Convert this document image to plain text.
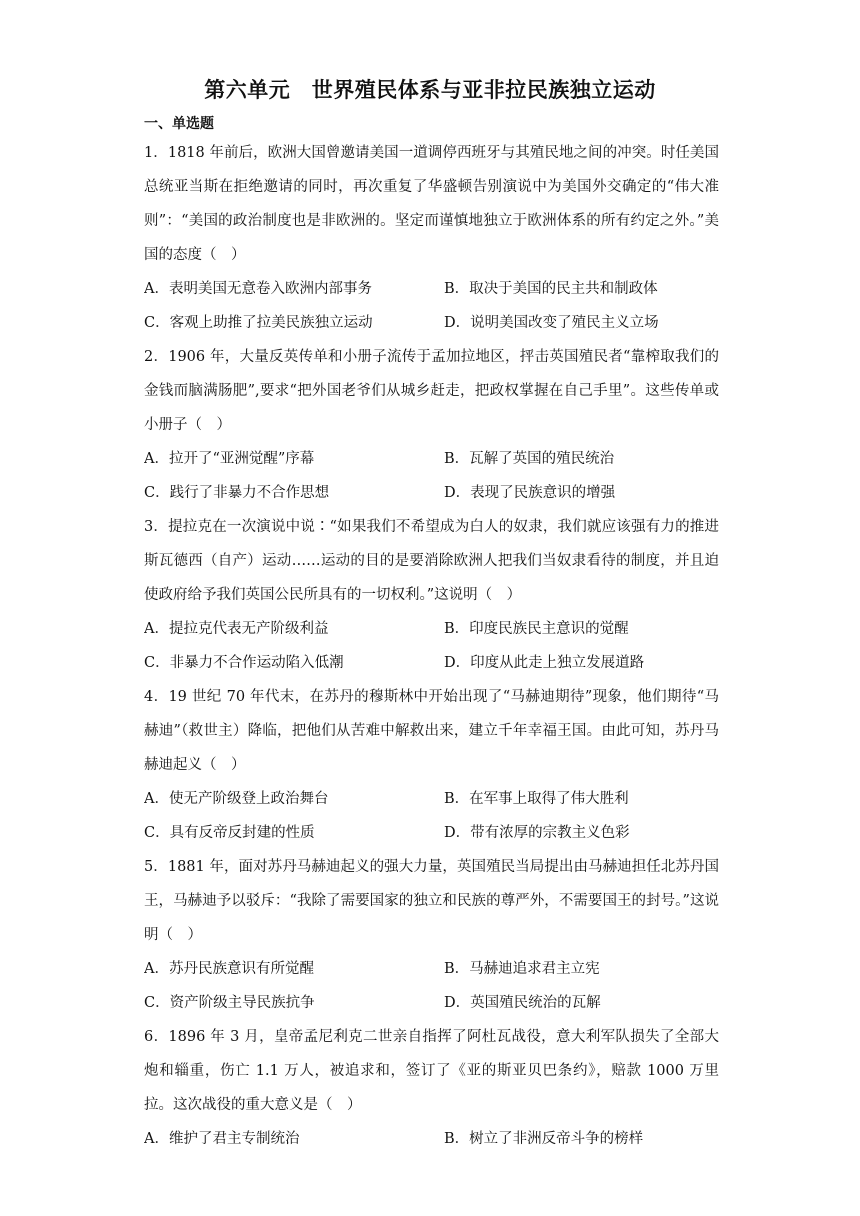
第六单元　世界殖民体系与亚非拉民族独立运动
一、单选题

1．1818 年前后，欧洲大国曾邀请美国一道调停西班牙与其殖民地之间的冲突。时任美国总统亚当斯在拒绝邀请的同时，再次重复了华盛顿告别演说中为美国外交确定的“伟大准则”：“美国的政治制度也是非欧洲的。坚定而谨慎地独立于欧洲体系的所有约定之外。”美国的态度（　）

A．表明美国无意卷入欧洲内部事务	B．取决于美国的民主共和制政体
C．客观上助推了拉美民族独立运动	D．说明美国改变了殖民主义立场

2．1906 年，大量反英传单和小册子流传于孟加拉地区，抨击英国殖民者“靠榨取我们的金钱而脑满肠肥”,要求“把外国老爷们从城乡赶走，把政权掌握在自己手里”。这些传单或小册子（　）

A．拉开了“亚洲觉醒”序幕	B．瓦解了英国的殖民统治
C．践行了非暴力不合作思想	D．表现了民族意识的增强

3．提拉克在一次演说中说∶“如果我们不希望成为白人的奴隶，我们就应该强有力的推进斯瓦德西（自产）运动……运动的目的是要消除欧洲人把我们当奴隶看待的制度，并且迫使政府给予我们英国公民所具有的一切权利。”这说明（　）

A．提拉克代表无产阶级利益	B．印度民族民主意识的觉醒
C．非暴力不合作运动陷入低潮	D．印度从此走上独立发展道路

4．19 世纪 70 年代末，在苏丹的穆斯林中开始出现了“马赫迪期待”现象，他们期待“马赫迪”（救世主）降临，把他们从苦难中解救出来，建立千年幸福王国。由此可知，苏丹马赫迪起义（　）

A．使无产阶级登上政治舞台	B．在军事上取得了伟大胜利
C．具有反帝反封建的性质	D．带有浓厚的宗教主义色彩

5．1881 年，面对苏丹马赫迪起义的强大力量，英国殖民当局提出由马赫迪担任北苏丹国王，马赫迪予以驳斥：“我除了需要国家的独立和民族的尊严外，不需要国王的封号。”这说明（　）

A．苏丹民族意识有所觉醒	B．马赫迪追求君主立宪
C．资产阶级主导民族抗争	D．英国殖民统治的瓦解

6．1896 年 3 月，皇帝孟尼利克二世亲自指挥了阿杜瓦战役，意大利军队损失了全部大炮和辎重，伤亡 1.1 万人，被追求和，签订了《亚的斯亚贝巴条约》，赔款 1000 万里拉。这次战役的重大意义是（　）

A．维护了君主专制统治	B．树立了非洲反帝斗争的榜样
